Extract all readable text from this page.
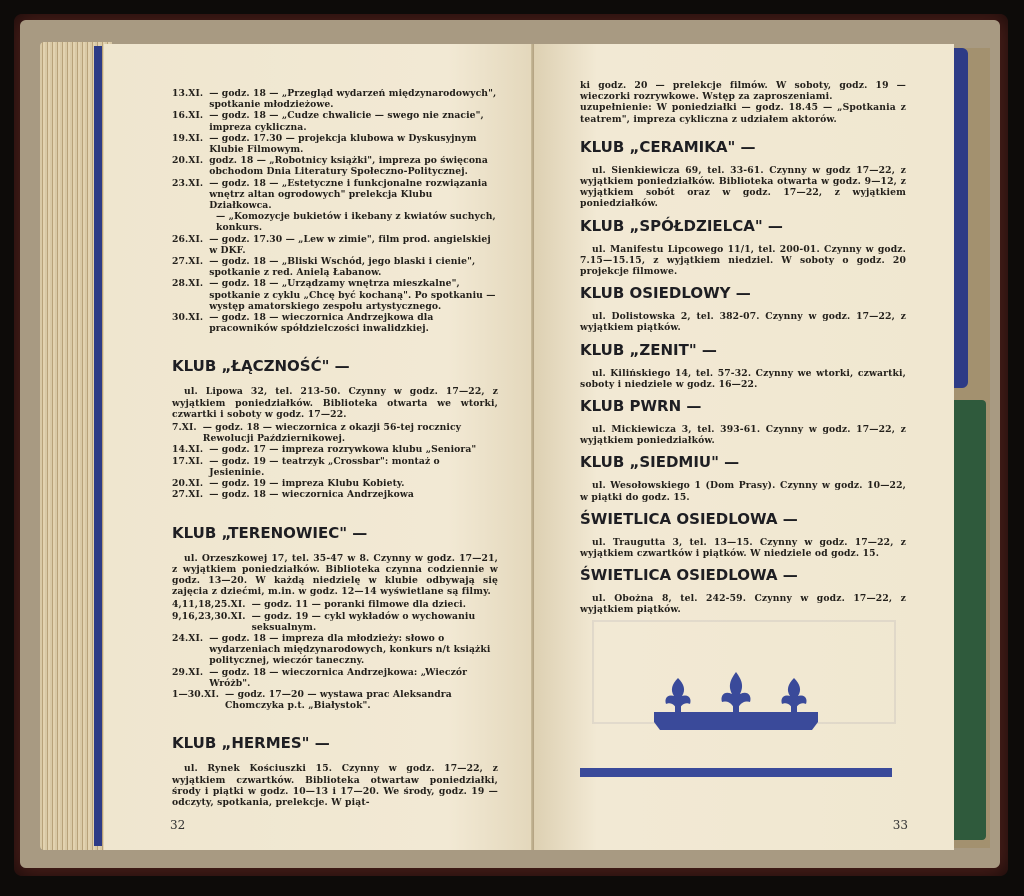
13.XI. — godz. 18 — „Przegląd wydarzeń międzynarodowych", spotkanie młodzieżowe.
16.XI. — godz. 18 — „Cudze chwalicie — swego nie znacie", impreza cykliczna.
19.XI. — godz. 17.30 — projekcja klubowa w Dyskusyjnym Klubie Filmowym.
20.XI. godz. 18 — „Robotnicy książki", impreza po święcona obchodom Dnia Literatury Społeczno-Politycznej.
23.XI. — godz. 18 — „Estetyczne i funkcjonalne rozwiązania wnętrz altan ogrodowych" prelekcja Klubu Działkowca.
— „Komozycje bukietów i ikebany z kwiatów suchych, konkurs.
26.XI. — godz. 17.30 — „Lew w zimie", film prod. angielskiej w DKF.
27.XI. — godz. 18 — „Bliski Wschód, jego blaski i cienie", spotkanie z red. Anielą Łabanow.
28.XI. — godz. 18 — „Urządzamy wnętrza mieszkalne", spotkanie z cyklu „Chcę być kochaną". Po spotkaniu — występ amatorskiego zespołu artystycznego.
30.XI. — godz. 18 — wieczornica Andrzejkowa dla pracowników spółdzielczości inwalidzkiej.
KLUB „ŁĄCZNOŚĆ" —

ul. Lipowa 32, tel. 213-50. Czynny w godz. 17—22, z wyjątkiem poniedziałków. Biblioteka otwarta we wtorki, czwartki i soboty w godz. 17—22.

7.XI. — godz. 18 — wieczornica z okazji 56-tej rocznicy Rewolucji Październikowej.
14.XI. — godz. 17 — impreza rozrywkowa klubu „Seniora"
17.XI. — godz. 19 — teatrzyk „Crossbar": montaż o Jesieninie.
20.XI. — godz. 19 — impreza Klubu Kobiety.
27.XI. — godz. 18 — wieczornica Andrzejkowa
KLUB „TERENOWIEC" —

ul. Orzeszkowej 17, tel. 35-47 w 8. Czynny w godz. 17—21, z wyjątkiem poniedziałków. Biblioteka czynna codziennie w godz. 13—20. W każdą niedzielę w klubie odbywają się zajęcia z dziećmi, m.in. w godz. 12—14 wyświetlane są filmy.

4,11,18,25.XI. — godz. 11 — poranki filmowe dla dzieci.
9,16,23,30.XI. — godz. 19 — cykl wykładów o wychowaniu seksualnym.
24.XI. — godz. 18 — impreza dla młodzieży: słowo o wydarzeniach międzynarodowych, konkurs n/t książki politycznej, wieczór taneczny.
29.XI. — godz. 18 — wieczornica Andrzejkowa: „Wieczór Wróżb".
1—30.XI. — godz. 17—20 — wystawa prac Aleksandra Chomczyka p.t. „Białystok".
KLUB „HERMES" —

ul. Rynek Kościuszki 15. Czynny w godz. 17—22, z wyjątkiem czwartków. Biblioteka otwartaw poniedziałki, środy i piątki w godz. 10—13 i 17—20. We środy, godz. 19 — odczyty, spotkania, prelekcje. W piąt-

32

ki godz. 20 — prelekcje filmów. W soboty, godz. 19 — wieczorki rozrywkowe. Wstęp za zaproszeniami.

uzupełnienie: W poniedziałki — godz. 18.45 — „Spotkania z teatrem", impreza cykliczna z udziałem aktorów.

KLUB „CERAMIKA" —

ul. Sienkiewicza 69, tel. 33-61. Czynny w godz 17—22, z wyjątkiem poniedziałków. Biblioteka otwarta w godz. 9—12, z wyjątkiem sobót oraz w godz. 17—22, z wyjątkiem poniedziałków.

KLUB „SPÓŁDZIELCA" —

ul. Manifestu Lipcowego 11/1, tel. 200-01. Czynny w godz. 7.15—15.15, z wyjątkiem niedziel. W soboty o godz. 20 projekcje filmowe.

KLUB OSIEDLOWY —

ul. Dolistowska 2, tel. 382-07. Czynny w godz. 17—22, z wyjątkiem piątków.

KLUB „ZENIT" —

ul. Kilińskiego 14, tel. 57-32. Czynny we wtorki, czwartki, soboty i niedziele w godz. 16—22.

KLUB PWRN —

ul. Mickiewicza 3, tel. 393-61. Czynny w godz. 17—22, z wyjątkiem poniedziałków.

KLUB „SIEDMIU" —

ul. Wesołowskiego 1 (Dom Prasy). Czynny w godz. 10—22, w piątki do godz. 15.

ŚWIETLICA OSIEDLOWA —

ul. Traugutta 3, tel. 13—15. Czynny w godz. 17—22, z wyjątkiem czwartków i piątków. W niedziele od godz. 15.

ŚWIETLICA OSIEDLOWA —

ul. Obożna 8, tel. 242-59. Czynny w godz. 17—22, z wyjątkiem piątków.

33
